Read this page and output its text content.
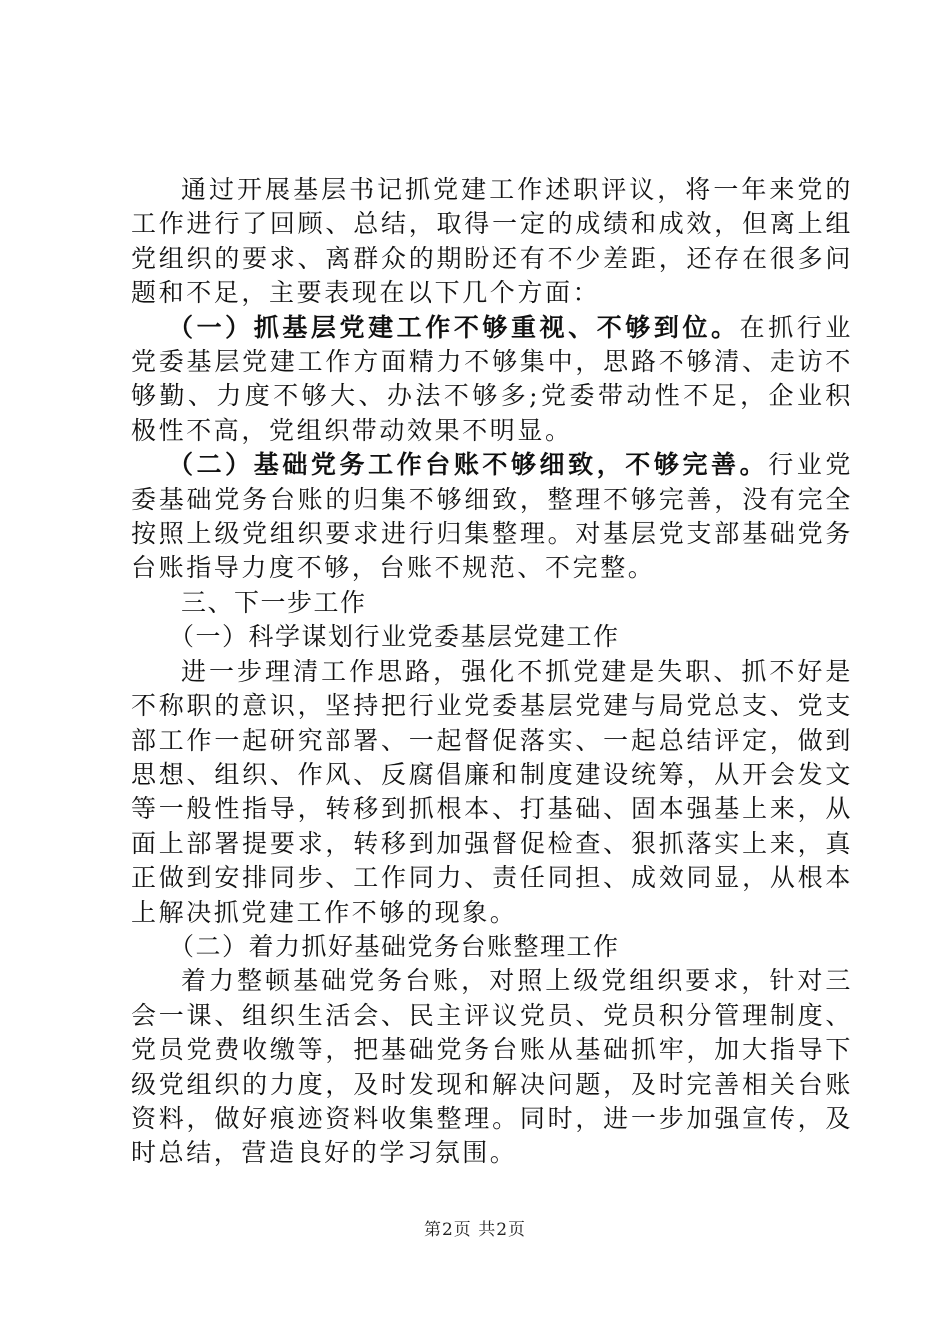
通过开展基层书记抓党建工作述职评议，将一年来党的工作进行了回顾、总结，取得一定的成绩和成效，但离上组党组织的要求、离群众的期盼还有不少差距，还存在很多问题和不足，主要表现在以下几个方面：

（一）抓基层党建工作不够重视、不够到位。在抓行业党委基层党建工作方面精力不够集中，思路不够清、走访不够勤、力度不够大、办法不够多;党委带动性不足，企业积极性不高，党组织带动效果不明显。

（二）基础党务工作台账不够细致，不够完善。行业党委基础党务台账的归集不够细致，整理不够完善，没有完全按照上级党组织要求进行归集整理。对基层党支部基础党务台账指导力度不够，台账不规范、不完整。

三、下一步工作

（一）科学谋划行业党委基层党建工作

进一步理清工作思路，强化不抓党建是失职、抓不好是不称职的意识，坚持把行业党委基层党建与局党总支、党支部工作一起研究部署、一起督促落实、一起总结评定，做到思想、组织、作风、反腐倡廉和制度建设统筹，从开会发文等一般性指导，转移到抓根本、打基础、固本强基上来，从面上部署提要求，转移到加强督促检查、狠抓落实上来，真正做到安排同步、工作同力、责任同担、成效同显，从根本上解决抓党建工作不够的现象。

（二）着力抓好基础党务台账整理工作

着力整顿基础党务台账，对照上级党组织要求，针对三会一课、组织生活会、民主评议党员、党员积分管理制度、党员党费收缴等，把基础党务台账从基础抓牢，加大指导下级党组织的力度，及时发现和解决问题，及时完善相关台账资料，做好痕迹资料收集整理。同时，进一步加强宣传，及时总结，营造良好的学习氛围。

第2页 共2页
